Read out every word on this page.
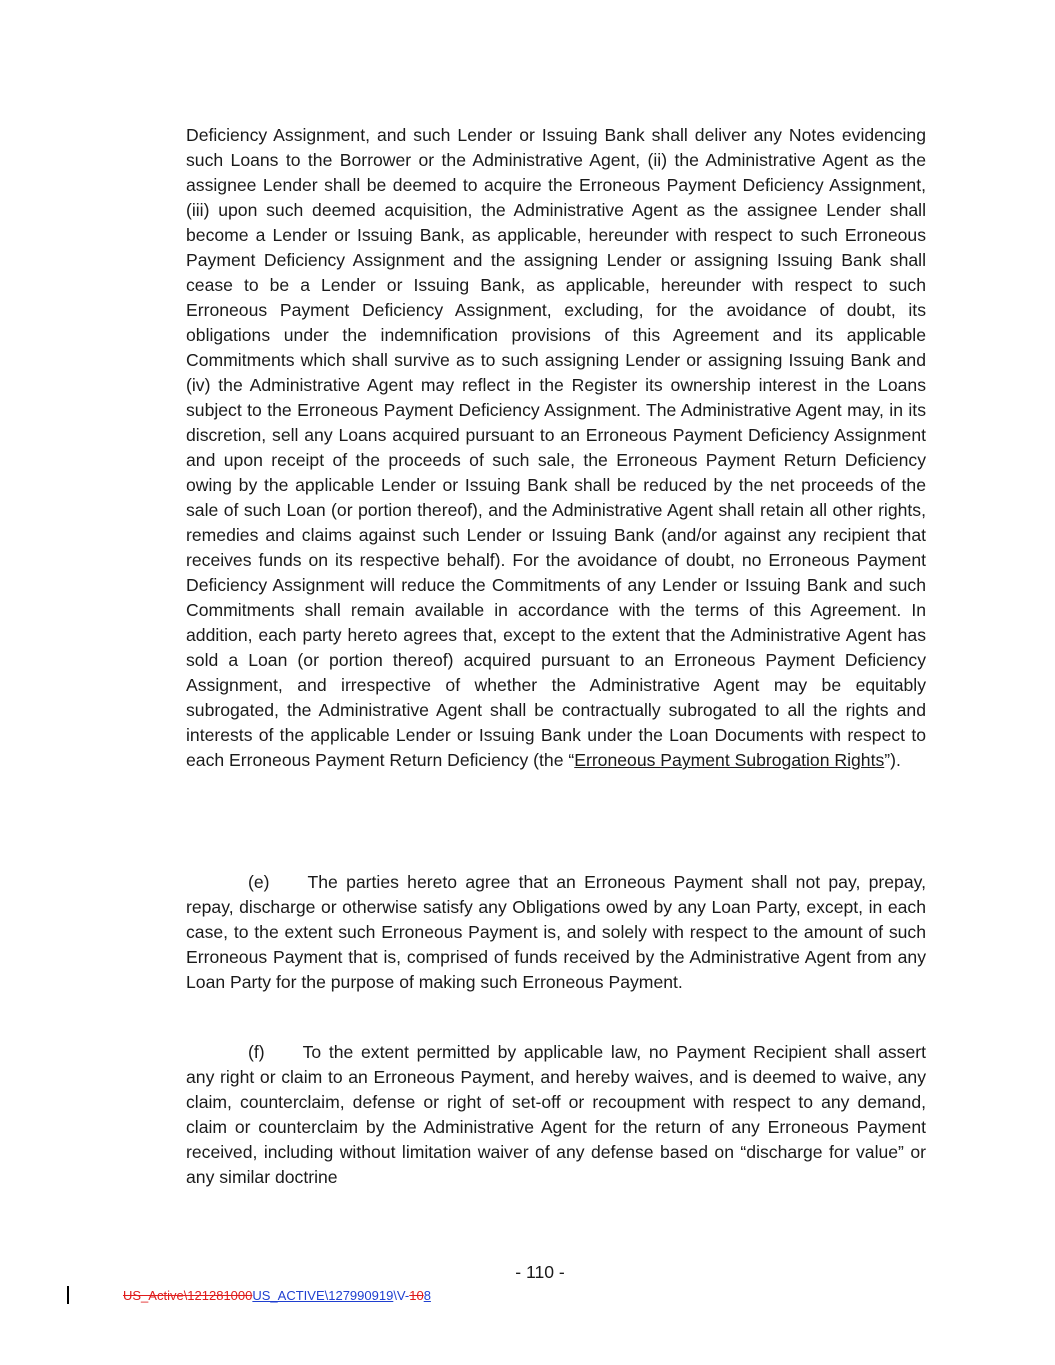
Deficiency Assignment, and such Lender or Issuing Bank shall deliver any Notes evidencing such Loans to the Borrower or the Administrative Agent, (ii) the Administrative Agent as the assignee Lender shall be deemed to acquire the Erroneous Payment Deficiency Assignment, (iii) upon such deemed acquisition, the Administrative Agent as the assignee Lender shall become a Lender or Issuing Bank, as applicable, hereunder with respect to such Erroneous Payment Deficiency Assignment and the assigning Lender or assigning Issuing Bank shall cease to be a Lender or Issuing Bank, as applicable, hereunder with respect to such Erroneous Payment Deficiency Assignment, excluding, for the avoidance of doubt, its obligations under the indemnification provisions of this Agreement and its applicable Commitments which shall survive as to such assigning Lender or assigning Issuing Bank and (iv) the Administrative Agent may reflect in the Register its ownership interest in the Loans subject to the Erroneous Payment Deficiency Assignment. The Administrative Agent may, in its discretion, sell any Loans acquired pursuant to an Erroneous Payment Deficiency Assignment and upon receipt of the proceeds of such sale, the Erroneous Payment Return Deficiency owing by the applicable Lender or Issuing Bank shall be reduced by the net proceeds of the sale of such Loan (or portion thereof), and the Administrative Agent shall retain all other rights, remedies and claims against such Lender or Issuing Bank (and/or against any recipient that receives funds on its respective behalf). For the avoidance of doubt, no Erroneous Payment Deficiency Assignment will reduce the Commitments of any Lender or Issuing Bank and such Commitments shall remain available in accordance with the terms of this Agreement. In addition, each party hereto agrees that, except to the extent that the Administrative Agent has sold a Loan (or portion thereof) acquired pursuant to an Erroneous Payment Deficiency Assignment, and irrespective of whether the Administrative Agent may be equitably subrogated, the Administrative Agent shall be contractually subrogated to all the rights and interests of the applicable Lender or Issuing Bank under the Loan Documents with respect to each Erroneous Payment Return Deficiency (the “Erroneous Payment Subrogation Rights”).

(e) The parties hereto agree that an Erroneous Payment shall not pay, prepay, repay, discharge or otherwise satisfy any Obligations owed by any Loan Party, except, in each case, to the extent such Erroneous Payment is, and solely with respect to the amount of such Erroneous Payment that is, comprised of funds received by the Administrative Agent from any Loan Party for the purpose of making such Erroneous Payment.

(f) To the extent permitted by applicable law, no Payment Recipient shall assert any right or claim to an Erroneous Payment, and hereby waives, and is deemed to waive, any claim, counterclaim, defense or right of set-off or recoupment with respect to any demand, claim or counterclaim by the Administrative Agent for the return of any Erroneous Payment received, including without limitation waiver of any defense based on “discharge for value” or any similar doctrine

- 110 -
US_Active\121281000US_ACTIVE\127990919\V-108
